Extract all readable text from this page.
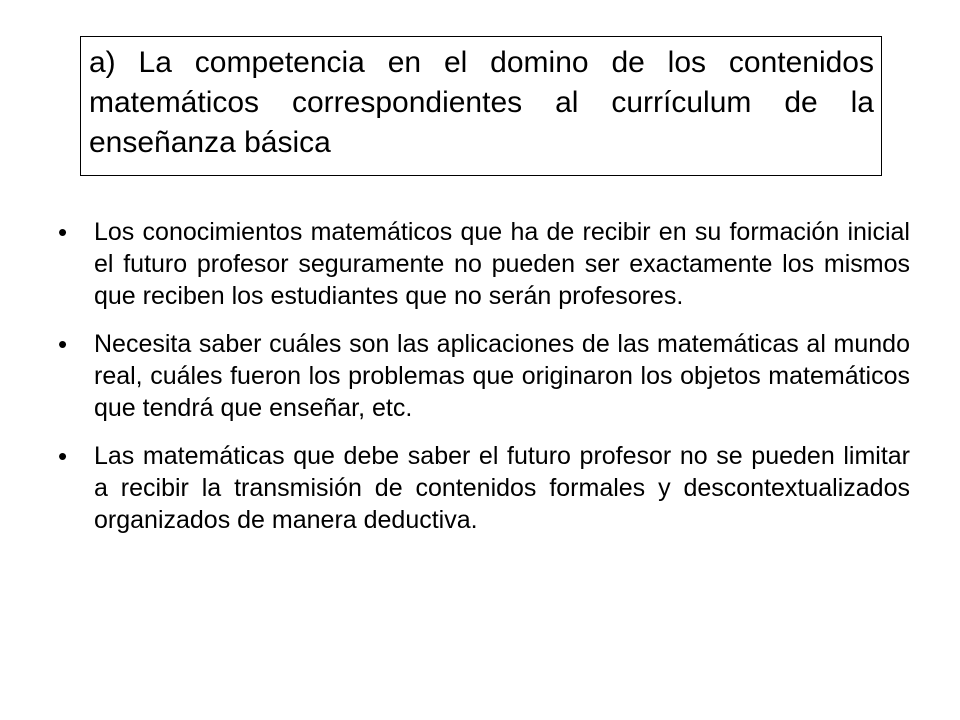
a) La competencia en el domino de los contenidos matemáticos correspondientes al currículum de la enseñanza básica

•	Los conocimientos matemáticos que ha de recibir en su formación inicial el futuro profesor seguramente no pueden ser exactamente los mismos que reciben los estudiantes que no serán profesores.
•	Necesita saber cuáles son las aplicaciones de las matemáticas al mundo real, cuáles fueron los problemas que originaron los objetos matemáticos que tendrá que enseñar, etc.
•	Las matemáticas que debe saber el futuro profesor no se pueden limitar a recibir la transmisión de contenidos formales y descontextualizados organizados de manera deductiva.
